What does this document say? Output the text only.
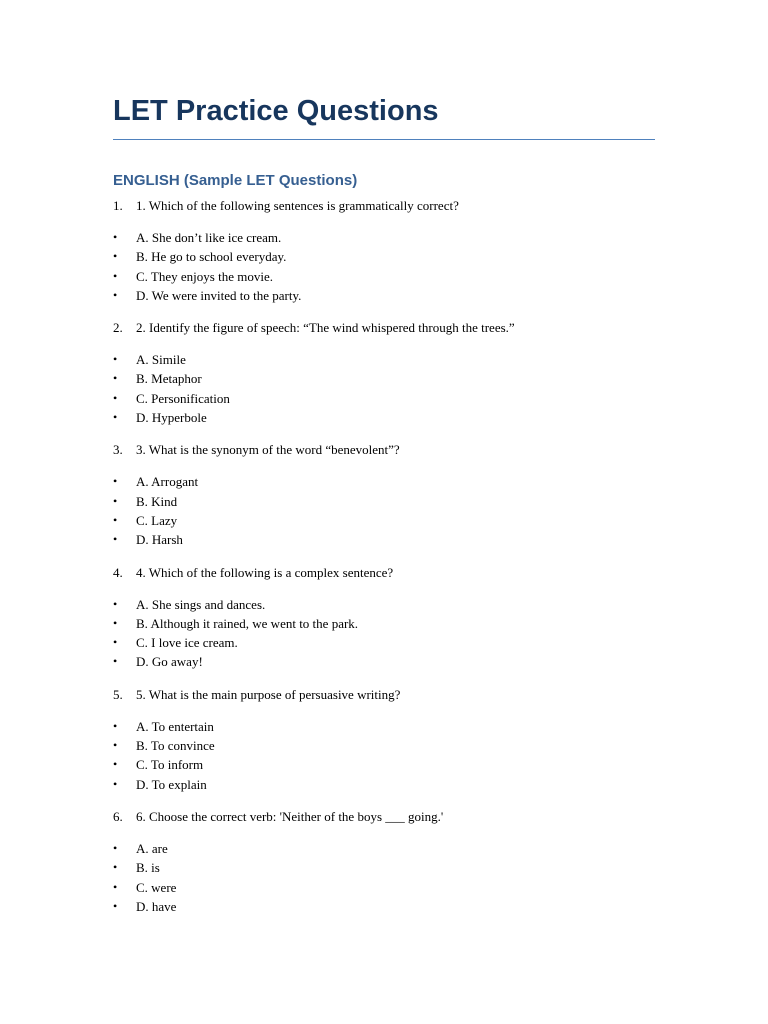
LET Practice Questions
ENGLISH (Sample LET Questions)
1. 1. Which of the following sentences is grammatically correct?
• A. She don’t like ice cream.
• B. He go to school everyday.
• C. They enjoys the movie.
• D. We were invited to the party.
2. 2. Identify the figure of speech: “The wind whispered through the trees.”
• A. Simile
• B. Metaphor
• C. Personification
• D. Hyperbole
3. 3. What is the synonym of the word “benevolent”?
• A. Arrogant
• B. Kind
• C. Lazy
• D. Harsh
4. 4. Which of the following is a complex sentence?
• A. She sings and dances.
• B. Although it rained, we went to the park.
• C. I love ice cream.
• D. Go away!
5. 5. What is the main purpose of persuasive writing?
• A. To entertain
• B. To convince
• C. To inform
• D. To explain
6. 6. Choose the correct verb: 'Neither of the boys ___ going.'
• A. are
• B. is
• C. were
• D. have
